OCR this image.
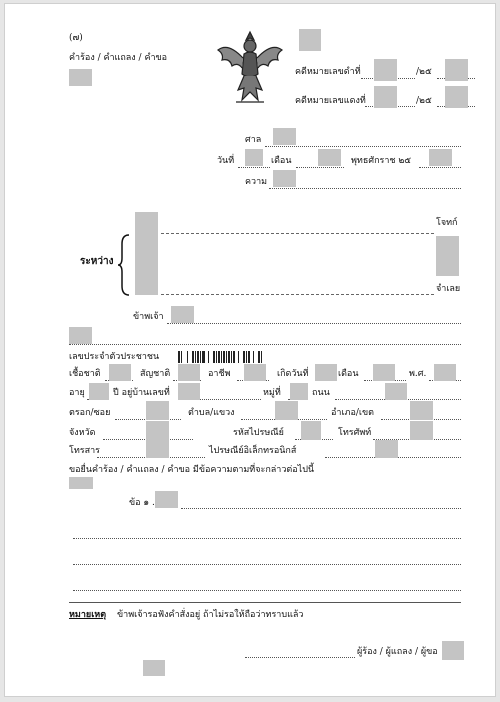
(๗)
คำร้อง / คำแถลง / คำขอ
คดีหมายเลขดำที่	/๒๕
คดีหมายเลขแดงที่	/๒๕
ศาล
วันที่	เดือน	พุทธศักราช ๒๕
ความ
ระหว่าง
โจทก์
จำเลย
ข้าพเจ้า
เลขประจำตัวประชาชน
เชื้อชาติ	สัญชาติ	อาชีพ	เกิดวันที่	เดือน	พ.ศ.
อายุ	ปี อยู่บ้านเลขที่	หมู่ที่	ถนน
ตรอก/ซอย	ตำบล/แขวง	อำเภอ/เขต
จังหวัด	รหัสไปรษณีย์	โทรศัพท์
โทรสาร	ไปรษณีย์อิเล็กทรอนิกส์
ขอยื่นคำร้อง / คำแถลง / คำขอ มีข้อความตามที่จะกล่าวต่อไปนี้
ข้อ ๑ .
หมายเหตุ ข้าพเจ้ารอฟังคำสั่งอยู่ ถ้าไม่รอให้ถือว่าทราบแล้ว
ผู้ร้อง / ผู้แถลง / ผู้ขอ
